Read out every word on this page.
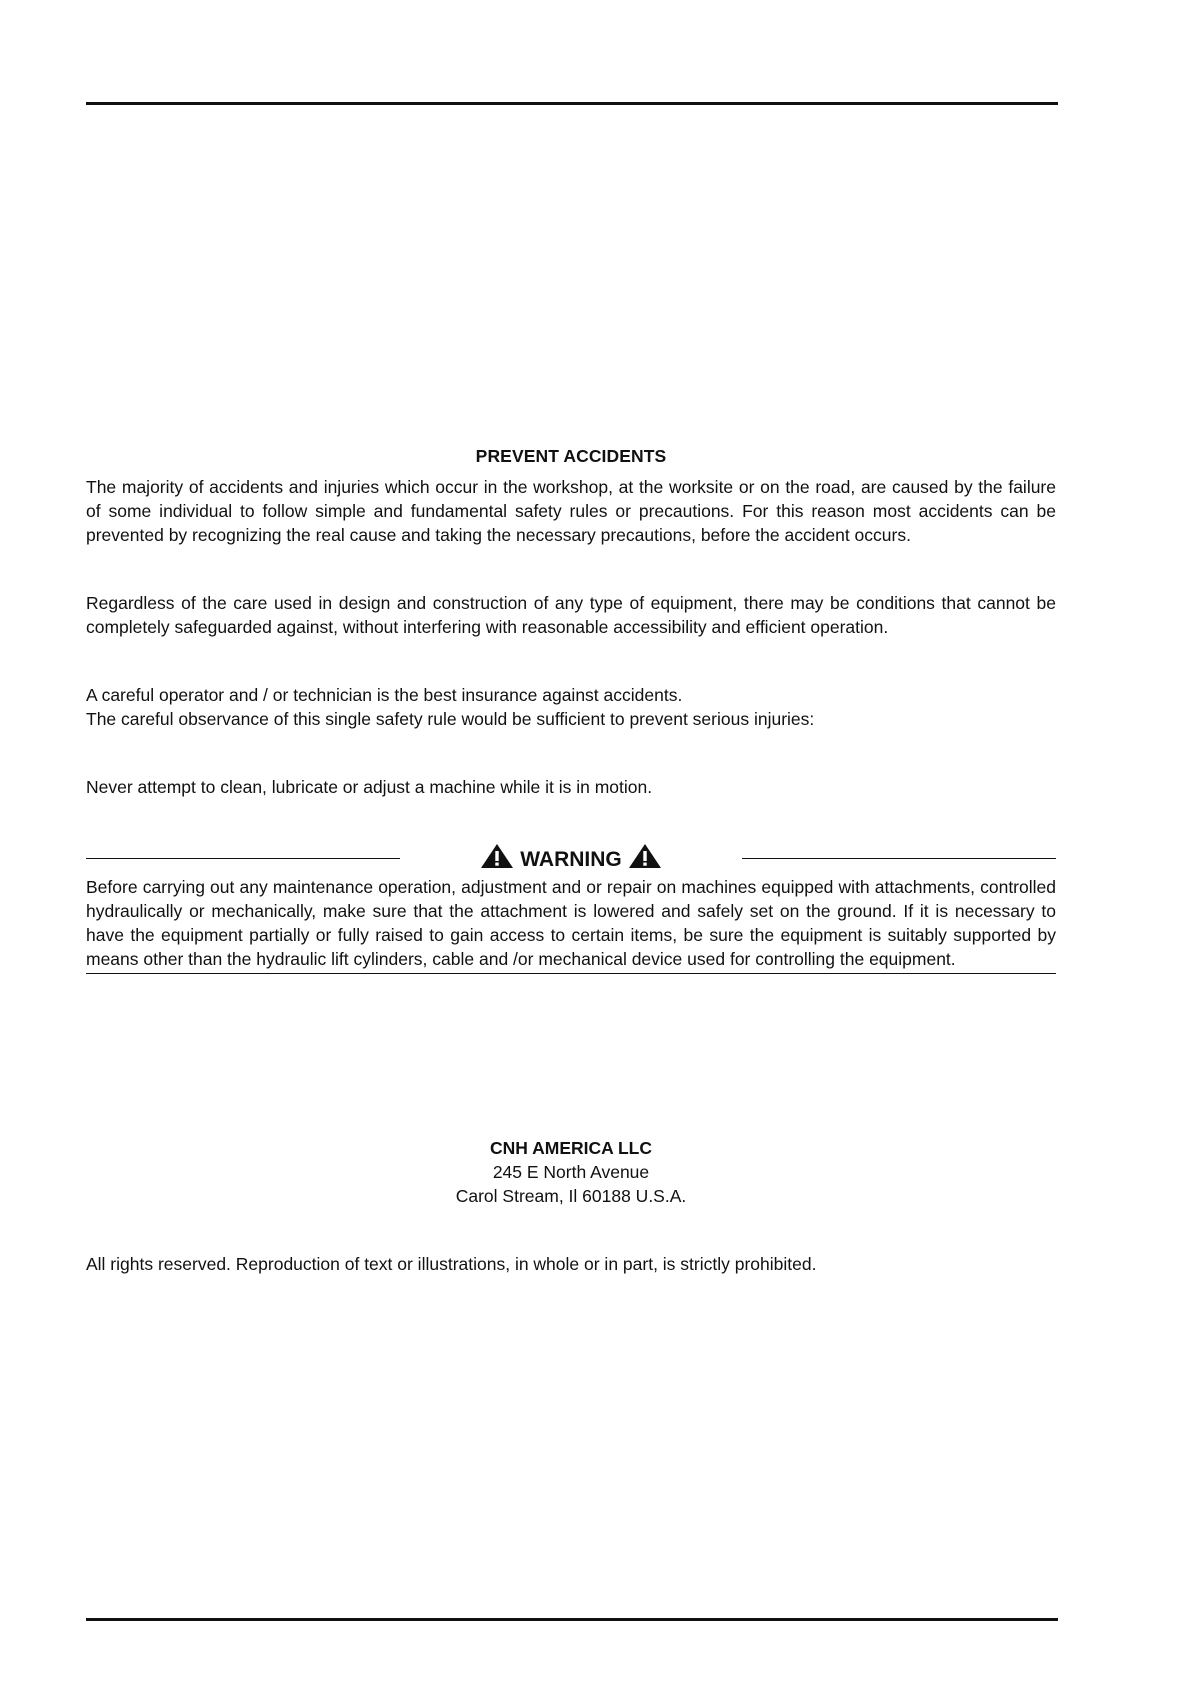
PREVENT ACCIDENTS

The majority of accidents and injuries which occur in the workshop, at the worksite or on the road, are caused by the failure of some individual to follow simple and fundamental safety rules or precautions. For this reason most accidents can be prevented by recognizing the real cause and taking the necessary precautions, before the accident occurs.

Regardless of the care used in design and construction of any type of equipment, there may be conditions that cannot be completely safeguarded against, without interfering with reasonable accessibility and efficient operation.

A careful operator and / or technician is the best insurance against accidents.

The careful observance of this single safety rule would be sufficient to prevent serious injuries:

Never attempt to clean, lubricate or adjust a machine while it is in motion.

WARNING

Before carrying out any maintenance operation, adjustment and or repair on machines equipped with attachments, controlled hydraulically or mechanically, make sure that the attachment is lowered and safely set on the ground. If it is necessary to have the equipment partially or fully raised to gain access to certain items, be sure the equipment is suitably supported by means other than the hydraulic lift cylinders, cable and /or mechanical device used for controlling the equipment.

CNH AMERICA LLC
245 E North Avenue
Carol Stream, Il 60188 U.S.A.

All rights reserved. Reproduction of text or illustrations, in whole or in part, is strictly prohibited.
